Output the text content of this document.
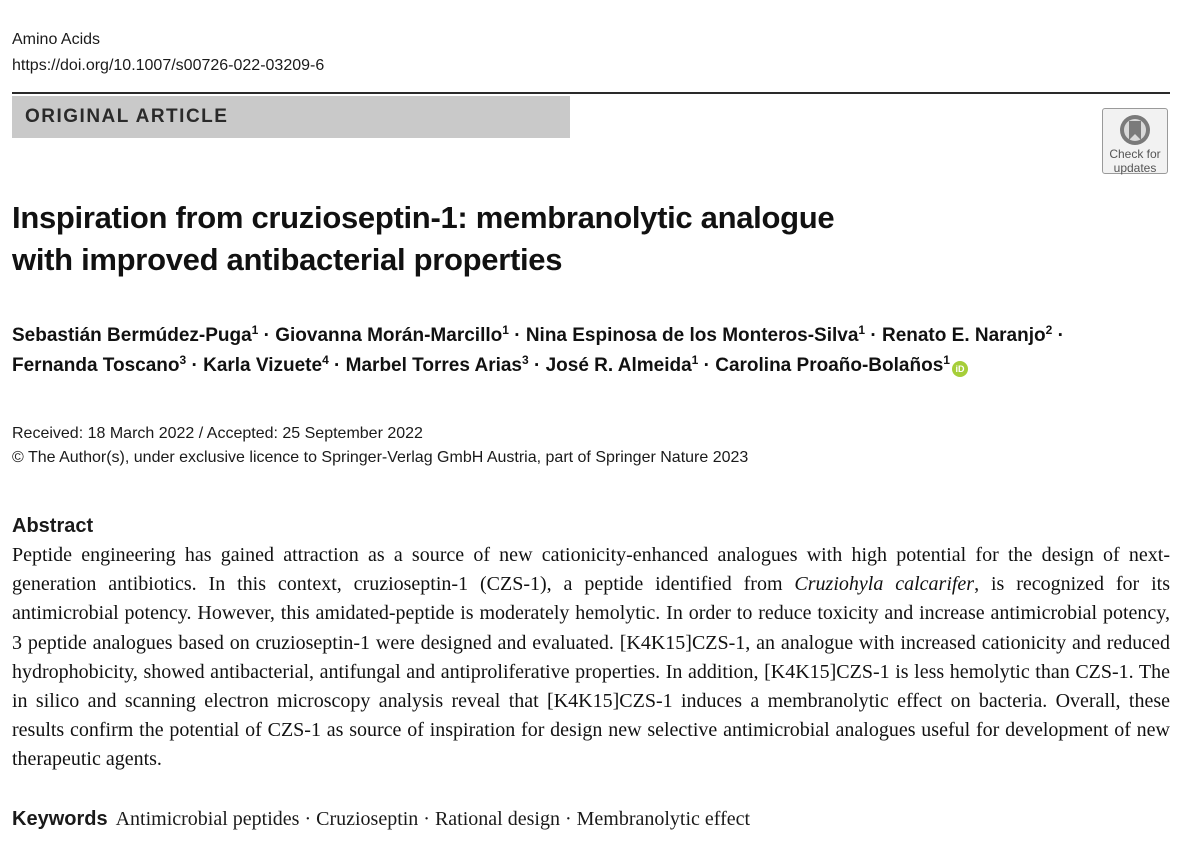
Amino Acids
https://doi.org/10.1007/s00726-022-03209-6
ORIGINAL ARTICLE
Check for
updates
Inspiration from cruzioseptin-1: membranolytic analogue
with improved antibacterial properties
Sebastián Bermúdez-Puga$^1$ · Giovanna Morán-Marcillo$^1$ · Nina Espinosa de los Monteros-Silva$^1$ · Renato E. Naranjo$^2$ ·
Fernanda Toscano$^3$ · Karla Vizuete$^4$ · Marbel Torres Arias$^3$ · José R. Almeida$^1$ · Carolina Proaño-Bolaños$^1$iD
Received: 18 March 2022 / Accepted: 25 September 2022
© The Author(s), under exclusive licence to Springer-Verlag GmbH Austria, part of Springer Nature 2023
Abstract
Peptide engineering has gained attraction as a source of new cationicity-enhanced analogues with high potential for the design of next-generation antibiotics. In this context, cruzioseptin-1 (CZS-1), a peptide identified from Cruziohyla calcarifer, is recognized for its antimicrobial potency. However, this amidated-peptide is moderately hemolytic. In order to reduce toxicity and increase antimicrobial potency, 3 peptide analogues based on cruzioseptin-1 were designed and evaluated. [K4K15]CZS-1, an analogue with increased cationicity and reduced hydrophobicity, showed antibacterial, antifungal and antiproliferative properties. In addition, [K4K15]CZS-1 is less hemolytic than CZS-1. The in silico and scanning electron microscopy analysis reveal that [K4K15]CZS-1 induces a membranolytic effect on bacteria. Overall, these results confirm the potential of CZS-1 as source of inspiration for design new selective antimicrobial analogues useful for development of new therapeutic agents.
Keywords Antimicrobial peptides · Cruzioseptin · Rational design · Membranolytic effect
